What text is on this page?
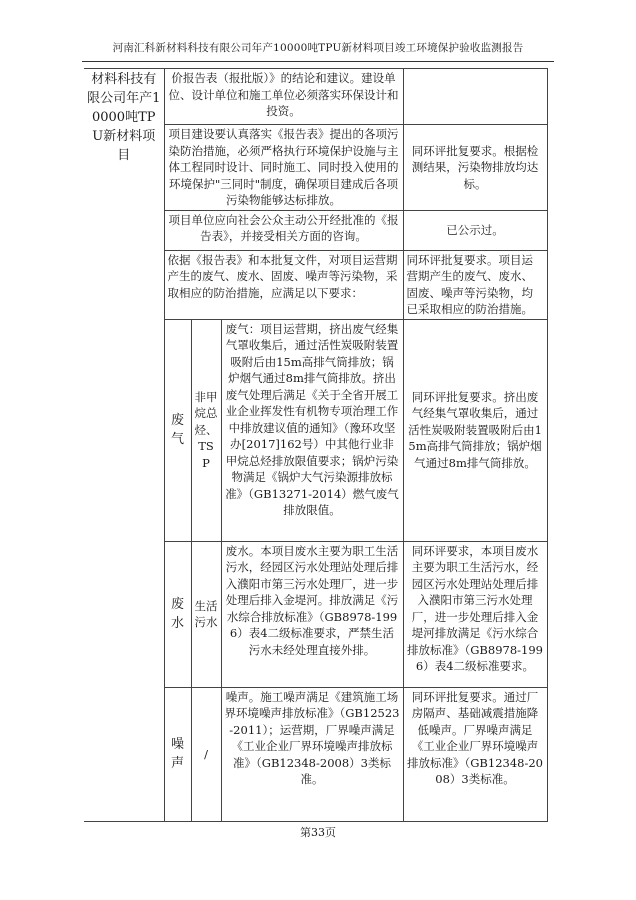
河南汇科新材料科技有限公司年产10000吨TPU新材料项目竣工环境保护验收监测报告
材料科技有限公司年产10000吨TPU新材料项目	价报告表（报批版）》的结论和建议。建设单位、设计单位和施工单位必须落实环保设计和投资。			
	项目建设要认真落实《报告表》提出的各项污染防治措施，必须严格执行环境保护设施与主体工程同时设计、同时施工、同时投入使用的环境保护"三同时"制度，确保项目建成后各项污染物能够达标排放。			同环评批复要求。根据检测结果，污染物排放均达标。
	项目单位应向社会公众主动公开经批准的《报告表》，并接受相关方面的咨询。			已公示过。
	依据《报告表》和本批复文件，对项目运营期产生的废气、废水、固废、噪声等污染物，采取相应的防治措施，应满足以下要求：			同环评批复要求。项目运营期产生的废气、废水、固废、噪声等污染物，均已采取相应的防治措施。
	废气	非甲烷总烃、TSP	废气：项目运营期，挤出废气经集气罩收集后，通过活性炭吸附装置吸附后由15m高排气筒排放；锅炉烟气通过8m排气筒排放。挤出废气处理后满足《关于全省开展工业企业挥发性有机物专项治理工作中排放建议值的通知》（豫环攻坚办[2017]162号）中其他行业非甲烷总烃排放限值要求；锅炉污染物满足《锅炉大气污染源排放标准》（GB13271-2014）燃气废气排放限值。	同环评批复要求。挤出废气经集气罩收集后，通过活性炭吸附装置吸附后由15m高排气筒排放；锅炉烟气通过8m排气筒排放。
	废水	生活污水	废水。本项目废水主要为职工生活污水，经园区污水处理站处理后排入濮阳市第三污水处理厂，进一步处理后排入金堤河。排放满足《污水综合排放标准》（GB8978-1996）表4二级标准要求，严禁生活污水未经处理直接外排。	同环评要求，本项目废水主要为职工生活污水，经园区污水处理站处理后排入濮阳市第三污水处理厂，进一步处理后排入金堤河排放满足《污水综合排放标准》（GB8978-1996）表4二级标准要求。
	噪声	/	噪声。施工噪声满足《建筑施工场界环境噪声排放标准》（GB12523-2011）；运营期，厂界噪声满足《工业企业厂界环境噪声排放标准》（GB12348-2008）3类标准。	同环评批复要求。通过厂房隔声、基础减震措施降低噪声。厂界噪声满足《工业企业厂界环境噪声排放标准》（GB12348-2008）3类标准。

第33页
